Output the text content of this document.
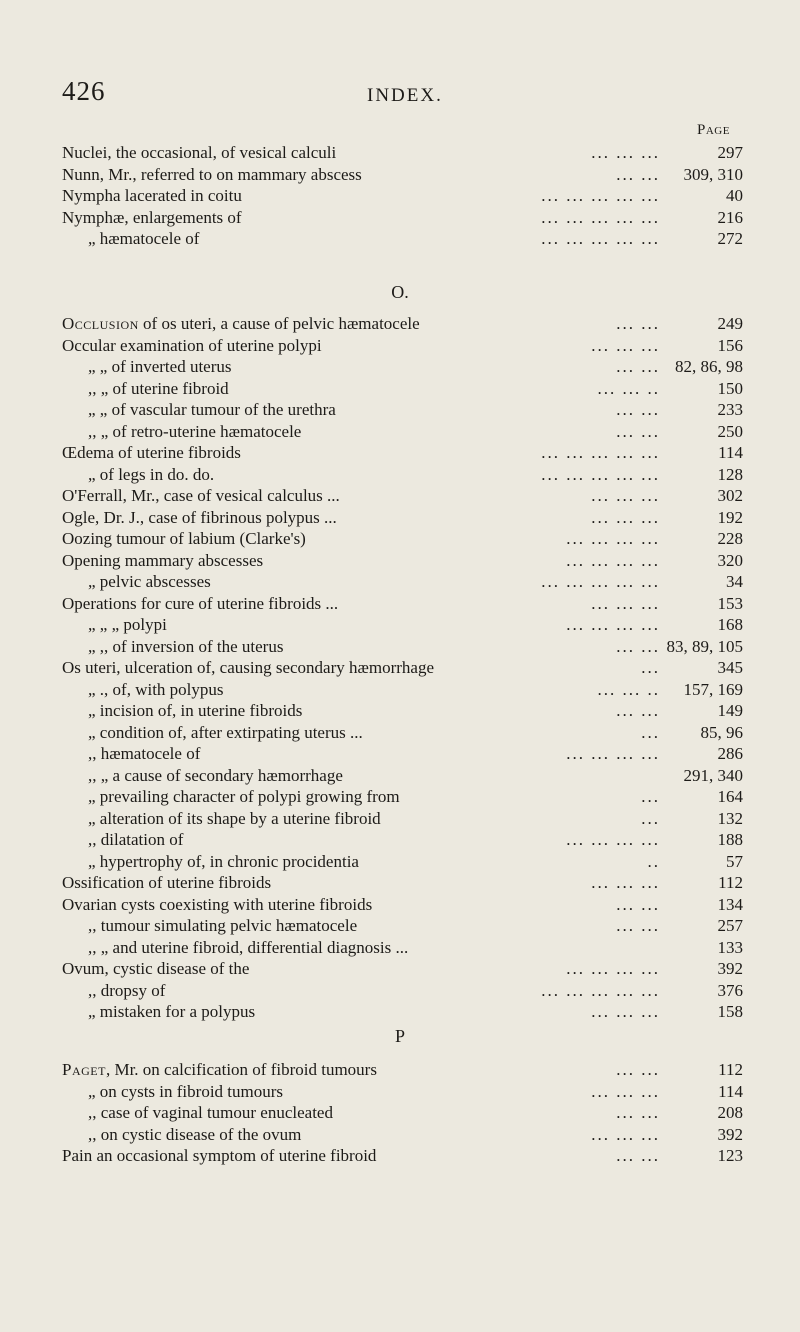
426	INDEX.
Page
Nuclei, the occasional, of vesical calculi	... ... ...	297
Nunn, Mr., referred to on mammary abscess	... ... 309, 310
Nympha lacerated in coitu	... ... ... ... ...	40
Nymphæ, enlargements of	... ... ... ... ...	216
„ hæmatocele of	... ... ... ... ...	272
O.
Occlusion of os uteri, a cause of pelvic hæmatocele	... ...	249
Occular examination of uterine polypi	... ... ...	156
„ „ of inverted uterus	... ... 82, 86, 98
,, „ of uterine fibroid	... ... ..	150
„ „ of vascular tumour of the urethra	... ...	233
,, „ of retro-uterine hæmatocele	... ...	250
Œdema of uterine fibroids	... ... ... ... ...	114
„ of legs in do. do.	... ... ... ... ...	128
O'Ferrall, Mr., case of vesical calculus ...	... ... ...	302
Ogle, Dr. J., case of fibrinous polypus ...	... ... ...	192
Oozing tumour of labium (Clarke's)	... ... ... ...	228
Opening mammary abscesses	... ... ... ...	320
„ pelvic abscesses	... ... ... ... ...	34
Operations for cure of uterine fibroids ...	... ... ...	153
„ „ „ polypi	... ... ... ...	168
„ ,, of inversion of the uterus	... ... 83, 89, 105
Os uteri, ulceration of, causing secondary hæmorrhage	...	345
„ ., of, with polypus	... ... .. 157, 169
„ incision of, in uterine fibroids	... ...	149
„ condition of, after extirpating uterus ...	... 85, 96
,, hæmatocele of	... ... ... ...	286
,, „ a cause of secondary hæmorrhage	291, 340
„ prevailing character of polypi growing from	...	164
„ alteration of its shape by a uterine fibroid	...	132
,, dilatation of	... ... ... ...	188
„ hypertrophy of, in chronic procidentia	..	57
Ossification of uterine fibroids	... ... ...	112
Ovarian cysts coexisting with uterine fibroids	... ...	134
,, tumour simulating pelvic hæmatocele	... ...	257
,, „ and uterine fibroid, differential diagnosis ...	133
Ovum, cystic disease of the	... ... ... ...	392
,, dropsy of	... ... ... ... ...	376
„ mistaken for a polypus	... ... ...	158
P
Paget, Mr. on calcification of fibroid tumours	... ...	112
„ on cysts in fibroid tumours	... ... ...	114
,, case of vaginal tumour enucleated	... ...	208
,, on cystic disease of the ovum	... ... ...	392
Pain an occasional symptom of uterine fibroid	... ...	123
